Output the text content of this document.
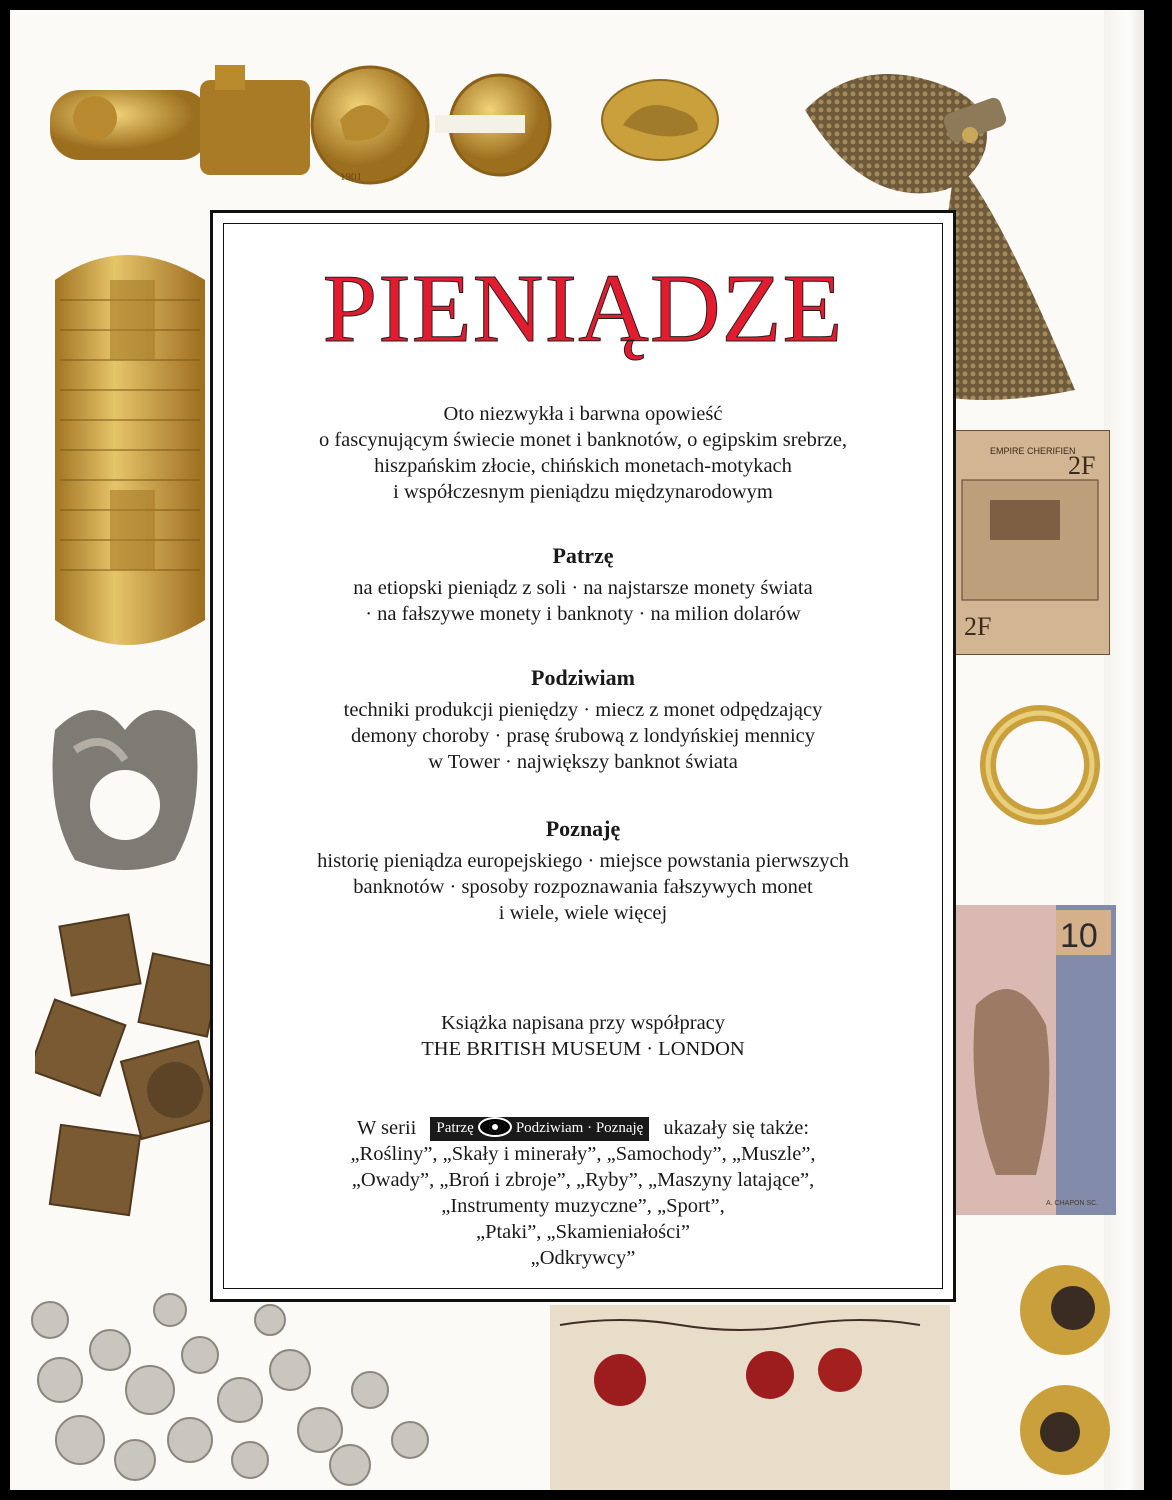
1901
EMPIRE CHERIFIEN
2F
2F
10
A. CHAPON SC.
PIENIĄDZE
Oto niezwykła i barwna opowieść
o fascynującym świecie monet i banknotów, o egipskim srebrze,
hiszpańskim złocie, chińskich monetach-motykach
i współczesnym pieniądzu międzynarodowym
Patrzę
na etiopski pieniądz z soli · na najstarsze monety świata
· na fałszywe monety i banknoty · na milion dolarów
Podziwiam
techniki produkcji pieniędzy · miecz z monet odpędzający
demony choroby · prasę śrubową z londyńskiej mennicy
w Tower · największy banknot świata
Poznaję
historię pieniądza europejskiego · miejsce powstania pierwszych
banknotów · sposoby rozpoznawania fałszywych monet
i wiele, wiele więcej
Książka napisana przy współpracy
THE BRITISH MUSEUM · LONDON
W serii Patrzę	Podziwiam · Poznaję ukazały się także:
„Rośliny”, „Skały i minerały”, „Samochody”, „Muszle”,
„Owady”, „Broń i zbroje”, „Ryby”, „Maszyny latające”,
„Instrumenty muzyczne”, „Sport”,
„Ptaki”, „Skamieniałości”
„Odkrywcy”
